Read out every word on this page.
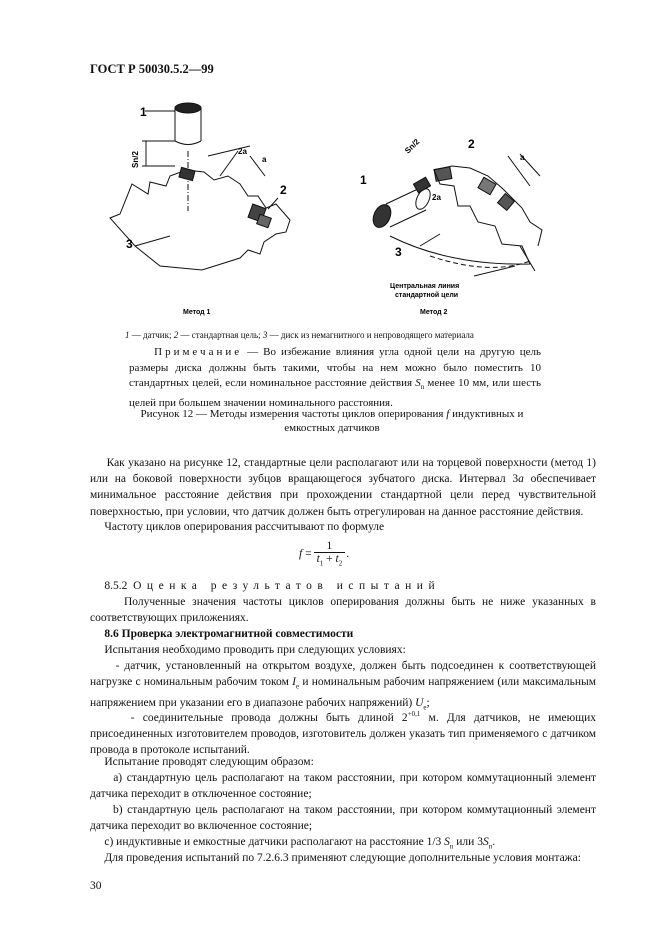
ГОСТ Р 50030.5.2—99
1
2
3
2a
a
Sn/2
Метод 1
1
2
3
2a
a
Sn/2
Центральная линия
стандартной цели
Метод 2
1 — датчик; 2 — стандартная цель; 3 — диск из немагнитного и непроводящего материала
Примечание — Во избежание влияния угла одной цели на другую цель размеры диска должны быть такими, чтобы на нем можно было поместить 10 стандартных целей, если номинальное расстояние действия $S_n$ менее 10 мм, или шесть целей при большем значении номинального расстояния.
Рисунок 12 — Методы измерения частоты циклов оперирования f индуктивных и
емкостных датчиков
Как указано на рисунке 12, стандартные цели располагают или на торцевой поверхности (метод 1) или на боковой поверхности зубцов вращающегося зубчатого диска. Интервал 3a обеспечивает минимальное расстояние действия при прохождении стандартной цели перед чувствительной поверхностью, при условии, что датчик должен быть отрегулирован на данное расстояние действия.
Частоту циклов оперирования рассчитывают по формуле
f =	1	.
$t_1 + t_2$
8.5.2 Оценка результатов испытаний
Полученные значения частоты циклов оперирования должны быть не ниже указанных в соответствующих приложениях.
8.6 Проверка электромагнитной совместимости
Испытания необходимо проводить при следующих условиях:
- датчик, установленный на открытом воздухе, должен быть подсоединен к соответствующей нагрузке с номинальным рабочим током $I_e$ и номинальным рабочим напряжением (или максимальным напряжением при указании его в диапазоне рабочих напряжений) $U_e$;
- соединительные провода должны быть длиной $2^{+0,1}$ м. Для датчиков, не имеющих присоединенных изготовителем проводов, изготовитель должен указать тип применяемого с датчиком провода в протоколе испытаний.
Испытание проводят следующим образом:
a) стандартную цель располагают на таком расстоянии, при котором коммутационный элемент датчика переходит в отключенное состояние;
b) стандартную цель располагают на таком расстоянии, при котором коммутационный элемент датчика переходит во включенное состояние;
c) индуктивные и емкостные датчики располагают на расстояние 1/3 $S_n$ или $3S_n$.
Для проведения испытаний по 7.2.6.3 применяют следующие дополнительные условия монтажа:
30
